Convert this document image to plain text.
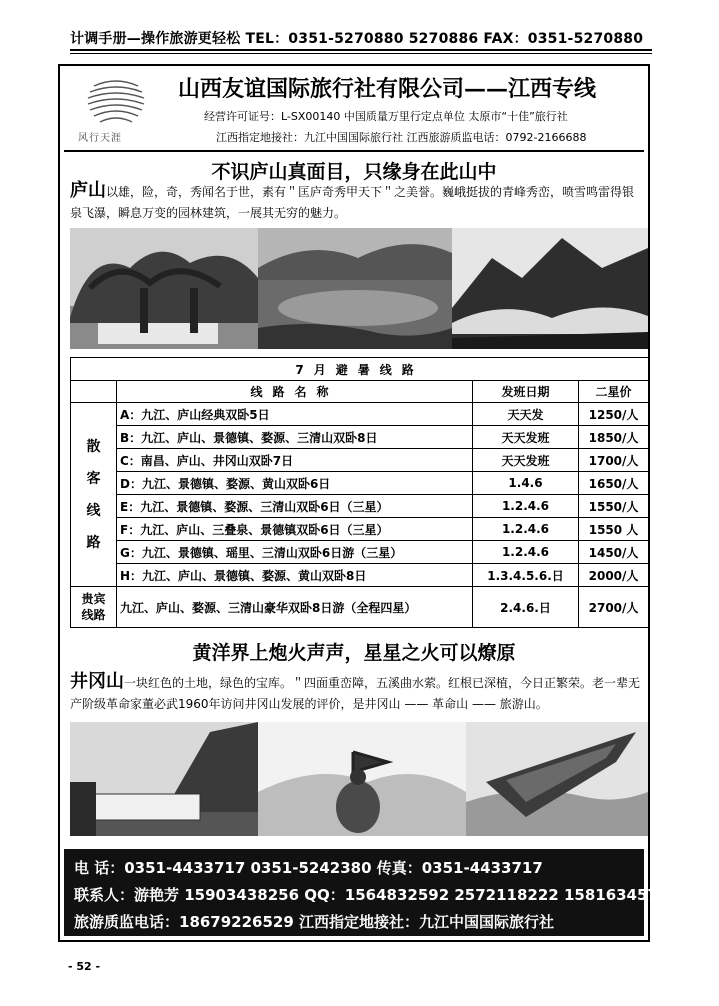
计调手册—操作旅游更轻松 TEL：0351-5270880 5270886 FAX：0351-5270880
风行天涯
山西友谊国际旅行社有限公司——江西专线
经营许可证号：L-SX00140 中国质量万里行定点单位 太原市“十佳”旅行社
江西指定地接社：九江中国国际旅行社 江西旅游质监电话：0792-2166688
不识庐山真面目，只缘身在此山中
庐山以雄，险，奇，秀闻名于世，素有＂匡庐奇秀甲天下＂之美誉。巍峨挺拔的青峰秀峦，喷雪鸣雷得银泉飞瀑，瞬息万变的园林建筑，一展其无穷的魅力。
7月避暑线路			
	线路名称	发班日期	二星价
散客线路	A：九江、庐山经典双卧5日	天天发	1250/人
	B：九江、庐山、景德镇、婺源、三清山双卧8日	天天发班	1850/人
	C：南昌、庐山、井冈山双卧7日	天天发班	1700/人
	D：九江、景德镇、婺源、黄山双卧6日	1.4.6	1650/人
	E：九江、景德镇、婺源、三清山双卧6日（三星）	1.2.4.6	1550/人
	F：九江、庐山、三叠泉、景德镇双卧6日（三星）	1.2.4.6	1550 人
	G：九江、景德镇、瑶里、三清山双卧6日游（三星）	1.2.4.6	1450/人
	H：九江、庐山、景德镇、婺源、黄山双卧8日	1.3.4.5.6.日	2000/人
贵宾线路	九江、庐山、婺源、三清山豪华双卧8日游（全程四星）	2.4.6.日	2700/人
黄洋界上炮火声声，星星之火可以燎原
井冈山一块红色的土地，绿色的宝库。＂四面重峦障，五溪曲水萦。红根已深植，今日正繁荣。老一辈无产阶级革命家董必武1960年访问井冈山发展的评价，是井冈山 —— 革命山 —— 旅游山。
电 话：0351-4433717 0351-5242380 传真：0351-4433717
联系人：游艳芳 15903438256 QQ：1564832592 2572118222 1581634574
旅游质监电话：18679226529 江西指定地接社：九江中国国际旅行社
- 52 -
